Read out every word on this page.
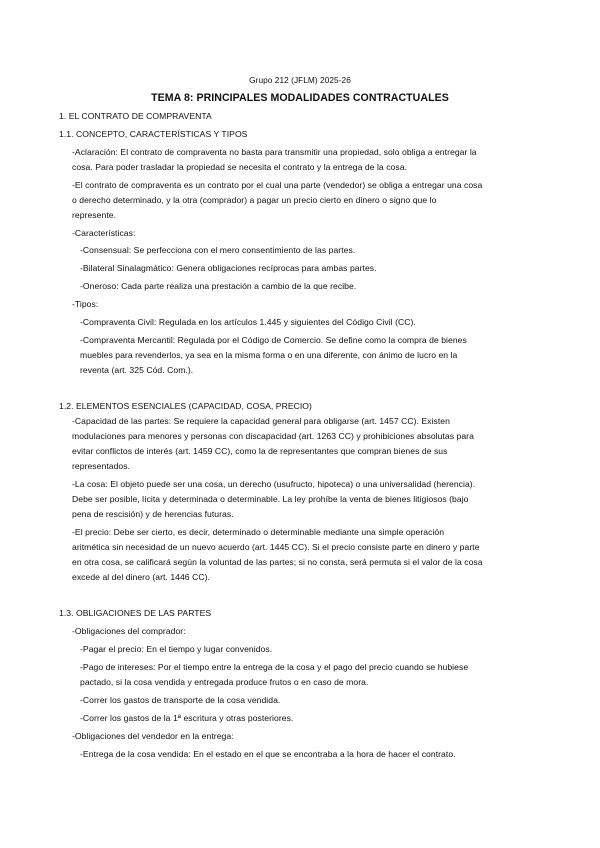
Grupo 212 (JFLM) 2025-26
TEMA 8: PRINCIPALES MODALIDADES CONTRACTUALES
1. EL CONTRATO DE COMPRAVENTA
1.1. CONCEPTO, CARACTERÍSTICAS Y TIPOS
-Aclaración: El contrato de compraventa no basta para transmitir una propiedad, solo obliga a entregar la
cosa. Para poder trasladar la propiedad se necesita el contrato y la entrega de la cosa.
-El contrato de compraventa es un contrato por el cual una parte (vendedor) se obliga a entregar una cosa
o derecho determinado, y la otra (comprador) a pagar un precio cierto en dinero o signo que lo
represente.
-Características:
-Consensual: Se perfecciona con el mero consentimiento de las partes.
-Bilateral Sinalagmático: Genera obligaciones recíprocas para ambas partes.
-Oneroso: Cada parte realiza una prestación a cambio de la que recibe.
-Tipos:
-Compraventa Civil: Regulada en los artículos 1.445 y siguientes del Código Civil (CC).
-Compraventa Mercantil: Regulada por el Código de Comercio. Se define como la compra de bienes
muebles para revenderlos, ya sea en la misma forma o en una diferente, con ánimo de lucro en la
reventa (art. 325 Cód. Com.).
1.2. ELEMENTOS ESENCIALES (CAPACIDAD, COSA, PRECIO)
-Capacidad de las partes: Se requiere la capacidad general para obligarse (art. 1457 CC). Existen
modulaciones para menores y personas con discapacidad (art. 1263 CC) y prohibiciones absolutas para
evitar conflictos de interés (art. 1459 CC), como la de representantes que compran bienes de sus
representados.
-La cosa: El objeto puede ser una cosa, un derecho (usufructo, hipoteca) o una universalidad (herencia).
Debe ser posible, lícita y determinada o determinable. La ley prohíbe la venta de bienes litigiosos (bajo
pena de rescisión) y de herencias futuras.
-El precio: Debe ser cierto, es decir, determinado o determinable mediante una simple operación
aritmética sin necesidad de un nuevo acuerdo (art. 1445 CC). Si el precio consiste parte en dinero y parte
en otra cosa, se calificará según la voluntad de las partes; si no consta, será permuta si el valor de la cosa
excede al del dinero (art. 1446 CC).
1.3. OBLIGACIONES DE LAS PARTES
-Obligaciones del comprador:
-Pagar el precio: En el tiempo y lugar convenidos.
-Pago de intereses: Por el tiempo entre la entrega de la cosa y el pago del precio cuando se hubiese
pactado, si la cosa vendida y entregada produce frutos o en caso de mora.
-Correr los gastos de transporte de la cosa vendida.
-Correr los gastos de la 1ª escritura y otras posteriores.
-Obligaciones del vendedor en la entrega:
-Entrega de la cosa vendida: En el estado en el que se encontraba a la hora de hacer el contrato.
